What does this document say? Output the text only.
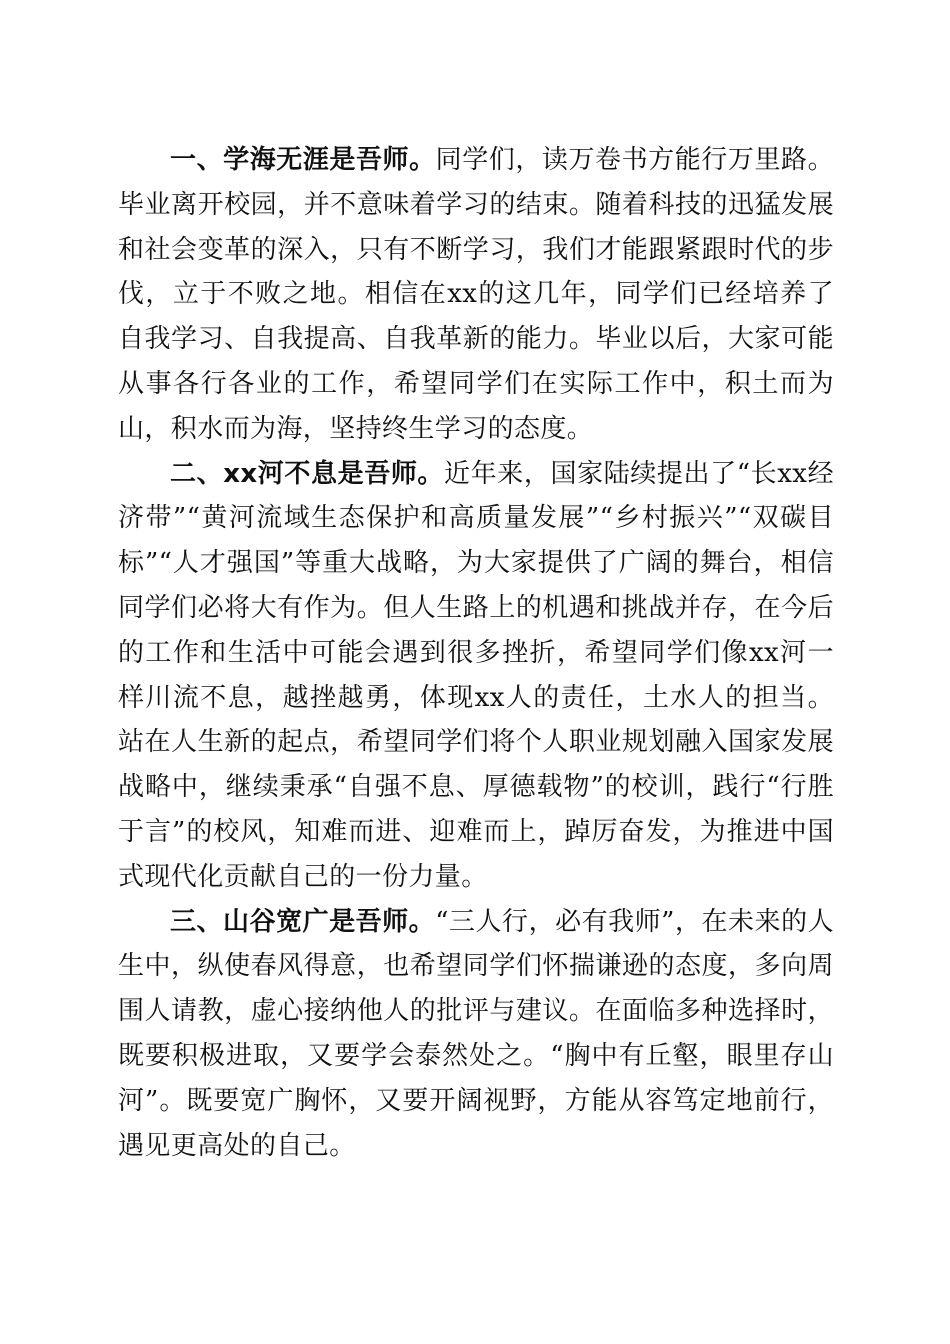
一、学海无涯是吾师。同学们，读万卷书方能行万里路。毕业离开校园，并不意味着学习的结束。随着科技的迅猛发展和社会变革的深入，只有不断学习，我们才能跟紧跟时代的步伐，立于不败之地。相信在xx的这几年，同学们已经培养了自我学习、自我提高、自我革新的能力。毕业以后，大家可能从事各行各业的工作，希望同学们在实际工作中，积土而为山，积水而为海，坚持终生学习的态度。

二、xx河不息是吾师。近年来，国家陆续提出了“长xx经济带”“黄河流域生态保护和高质量发展”“乡村振兴”“双碳目标”“人才强国”等重大战略，为大家提供了广阔的舞台，相信同学们必将大有作为。但人生路上的机遇和挑战并存，在今后的工作和生活中可能会遇到很多挫折，希望同学们像xx河一样川流不息，越挫越勇，体现xx人的责任，土水人的担当。站在人生新的起点，希望同学们将个人职业规划融入国家发展战略中，继续秉承“自强不息、厚德载物”的校训，践行“行胜于言”的校风，知难而进、迎难而上，踔厉奋发，为推进中国式现代化贡献自己的一份力量。

三、山谷宽广是吾师。“三人行，必有我师”，在未来的人生中，纵使春风得意，也希望同学们怀揣谦逊的态度，多向周围人请教，虚心接纳他人的批评与建议。在面临多种选择时，既要积极进取，又要学会泰然处之。“胸中有丘壑，眼里存山河”。既要宽广胸怀，又要开阔视野，方能从容笃定地前行，遇见更高处的自己。
